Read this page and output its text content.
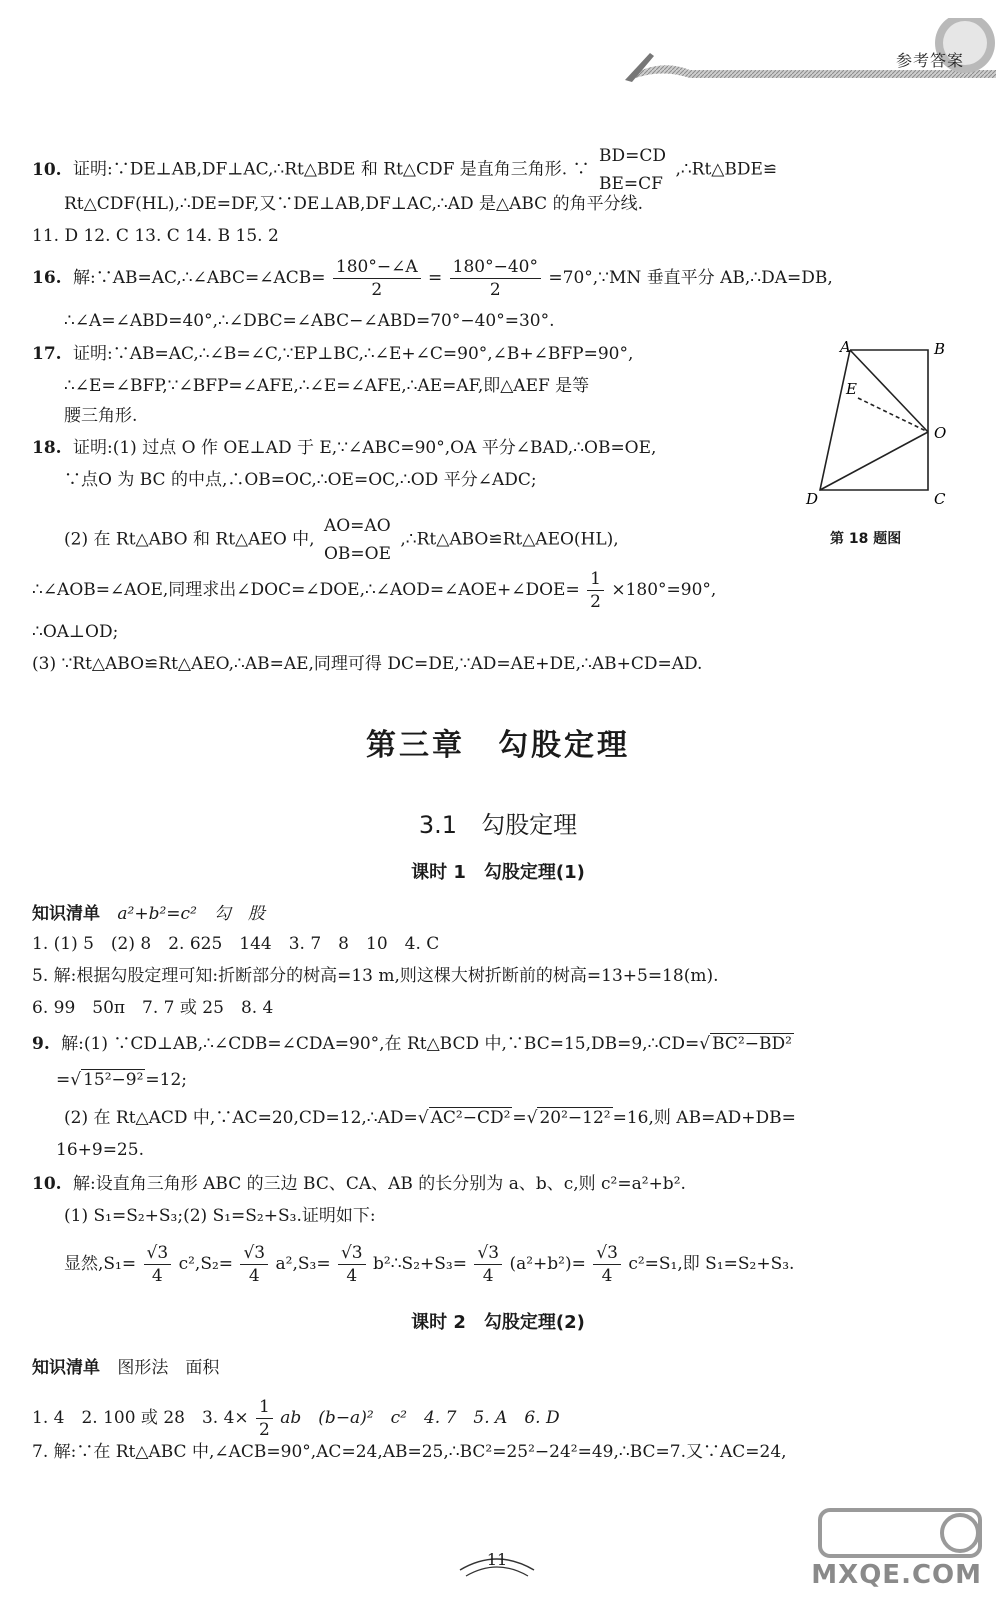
参考答案
10. 证明:∵DE⊥AB,DF⊥AC,∴Rt△BDE 和 Rt△CDF 是直角三角形. ∵
BD=CD
BE=CF
,∴Rt△BDE≌
Rt△CDF(HL),∴DE=DF,又∵DE⊥AB,DF⊥AC,∴AD 是△ABC 的角平分线.
11. D 12. C 13. C 14. B 15. 2
16. 解:∵AB=AC,∴∠ABC=∠ACB= $\frac{180^\circ-\angle A}{2} = \frac{180^\circ-40^\circ}{2}$ =70°,∵MN 垂直平分 AB,∴DA=DB,
∴∠A=∠ABD=40°,∴∠DBC=∠ABC−∠ABD=70°−40°=30°.
17. 证明:∵AB=AC,∴∠B=∠C,∵EP⊥BC,∴∠E+∠C=90°,∠B+∠BFP=90°,
∴∠E=∠BFP,∵∠BFP=∠AFE,∴∠E=∠AFE,∴AE=AF,即△AEF 是等
腰三角形.
18. 证明:(1) 过点 O 作 OE⊥AD 于 E,∵∠ABC=90°,OA 平分∠BAD,∴OB=OE,
∵点O 为 BC 的中点,∴OB=OC,∴OE=OC,∴OD 平分∠ADC;
(2) 在 Rt△ABO 和 Rt△AEO 中,
AO=AO
OB=OE
,∴Rt△ABO≌Rt△AEO(HL),
∴∠AOB=∠AOE,同理求出∠DOC=∠DOE,∴∠AOD=∠AOE+∠DOE= $\frac{1}{2} \times 180^\circ=90^\circ$,
∴OA⊥OD;
(3) ∵Rt△ABO≌Rt△AEO,∴AB=AE,同理可得 DC=DE,∵AD=AE+DE,∴AB+CD=AD.
A	B
C
D
E
O
第 18 题图
第三章　勾股定理
3.1　勾股定理
课时 1　勾股定理(1)
知识清单 a²+b²=c²　勾　股
1. (1) 5　(2) 8　2. 625　144　3. 7　8　10　4. C
5. 解:根据勾股定理可知:折断部分的树高=13 m,则这棵大树折断前的树高=13+5=18(m).
6. 99　50π　7. 7 或 25　8. 4
9. 解:(1) ∵CD⊥AB,∴∠CDB=∠CDA=90°,在 Rt△BCD 中,∵BC=15,DB=9,∴CD=√ BC²−BD²
=√ 15²−9² =12;
(2) 在 Rt△ACD 中,∵AC=20,CD=12,∴AD=√ AC²−CD² =√ 20²−12² =16,则 AB=AD+DB=
16+9=25.
10. 解:设直角三角形 ABC 的三边 BC、CA、AB 的长分别为 a、b、c,则 c²=a²+b².
(1) S₁=S₂+S₃;(2) S₁=S₂+S₃.证明如下:
显然$,S_1= \frac{√3}{4} c^2,S_2= \frac{√3}{4} a^2,S_3= \frac{√3}{4}$ b²∴S₂+S₃= $\frac{√3}{4} (a^2+b^2)= \frac{√3}{4} c^2=S_1$,即 S₁=S₂+S₃.
课时 2　勾股定理(2)
知识清单 图形法　面积
1. 4　2. 100 或 28　3. $4\times \frac{1}{2}$ ab　(b−a)²　c²　4. 7　5. A　6. D
7. 解:∵在 Rt△ABC 中,∠ACB=90°,AC=24,AB=25,∴BC²=25²−24²=49,∴BC=7.又∵AC=24,
11
MXQE.COM
